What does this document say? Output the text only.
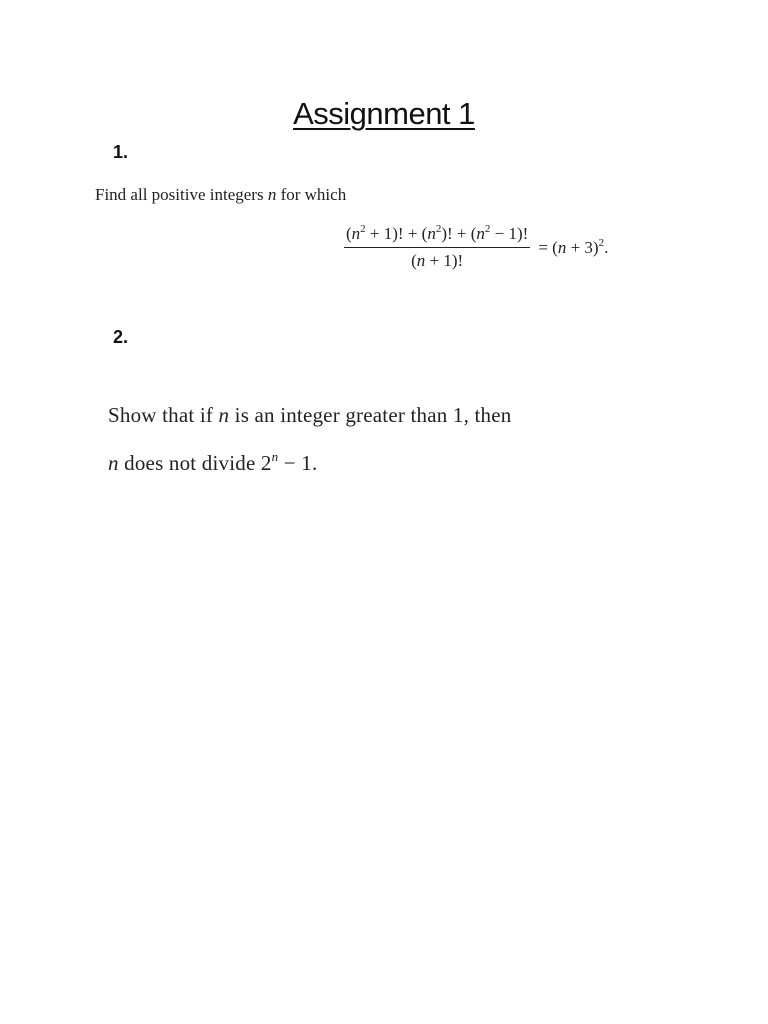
Assignment 1
1.
Find all positive integers n for which
$\frac{(n^2 + 1)! + (n^2)! + (n^2 - 1)!}{(n + 1)!} = (n + 3)^2$.
2.
Show that if n is an integer greater than 1, then
n does not divide $2^n - 1$.
